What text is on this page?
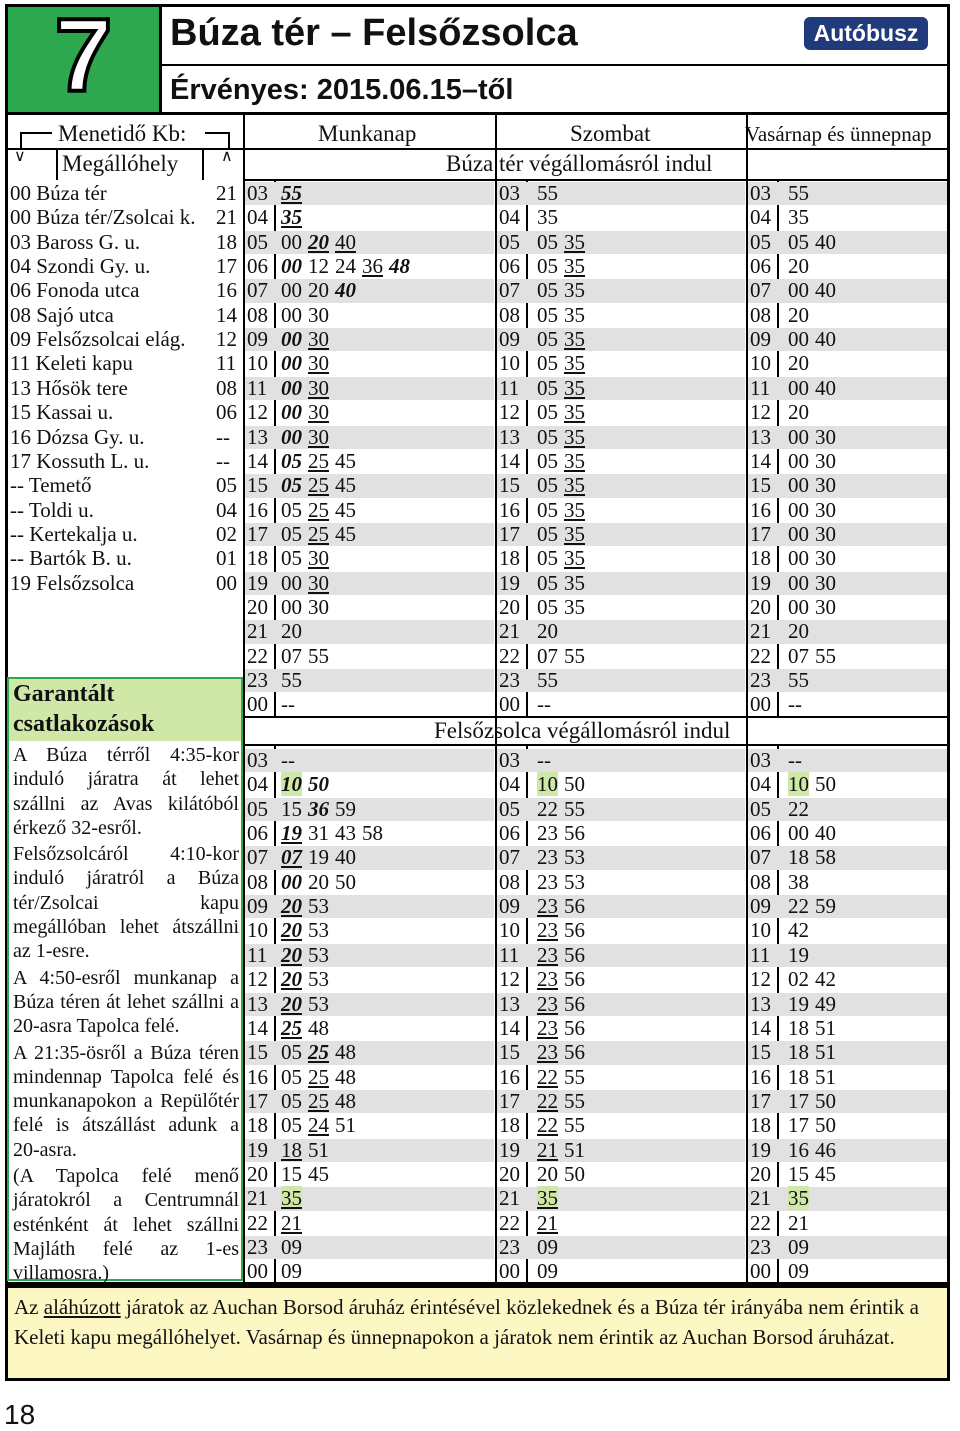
7	Búza tér – Felsőzsolca	Autóbusz
Érvényes: 2015.06.15–től
Menetidő Kb:
∨	∧
Megállóhely
Munkanap	Szombat	Vasárnap és ünnepnap
Búza tér végállomásról indul
Felsőzsolca végállomásról indul
00 Búza tér	21
00 Búza tér/Zsolcai k. 21
03 Baross G. u.	18
04 Szondi Gy. u.	17
06 Fonoda utca	16
08 Sajó utca	14
09 Felsőzsolcai elág. 12
11 Keleti kapu	11
13 Hősök tere	08
15 Kassai u.	06
16 Dózsa Gy. u.	--
17 Kossuth L. u.	--
-- Temető	05
-- Toldi u.	04
-- Kertekalja u.	02
-- Bartók B. u.	01
19 Felsőzsolca	00
03 55	03 55	03 55
04 35	04 35	04 35
05 00 20 40	05 05 35	05 05 40
06 00 12 24 36 48	06 05 35	06 20
07 00 20 40	07 05 35	07 00 40
08 00 30	08 05 35	08 20
09 00 30	09 05 35	09 00 40
10 00 30	10 05 35	10 20
11 00 30	11 05 35	11 00 40
12 00 30	12 05 35	12 20
13 00 30	13 05 35	13 00 30
14 05 25 45	14 05 35	14 00 30
15 05 25 45	15 05 35	15 00 30
16 05 25 45	16 05 35	16 00 30
17 05 25 45	17 05 35	17 00 30
18 05 30	18 05 35	18 00 30
19 00 30	19 05 35	19 00 30
20 00 30	20 05 35	20 00 30
21 20	21 20	21 20
22 07 55	22 07 55	22 07 55
23 55	23 55	23 55
00 --	00 --	00 --
03 --	03 --	03 --
04 10 50	04 10 50	04 10 50
05 15 36 59	05 22 55	05 22
06 19 31 43 58	06 23 56	06 00 40
07 07 19 40	07 23 53	07 18 58
08 00 20 50	08 23 53	08 38
09 20 53	09 23 56	09 22 59
10 20 53	10 23 56	10 42
11 20 53	11 23 56	11 19
12 20 53	12 23 56	12 02 42
13 20 53	13 23 56	13 19 49
14 25 48	14 23 56	14 18 51
15 05 25 48	15 23 56	15 18 51
16 05 25 48	16 22 55	16 18 51
17 05 25 48	17 22 55	17 17 50
18 05 24 51	18 22 55	18 17 50
19 18 51	19 21 51	19 16 46
20 15 45	20 20 50	20 15 45
21 35	21 35	21 35
22 21	22 21	22 21
23 09	23 09	23 09
00 09	00 09	00 09
Garantált csatlakozások

A Búza térről 4:35-kor induló járatra át lehet szállni az Avas kilátóból érkező 32-esről.

Felsőzsolcáról 4:10-kor induló járatról a Búza tér/Zsolcai kapu megállóban lehet átszállni az 1-esre.

A 4:50-esről munkanap a Búza téren át lehet szállni a 20-asra Tapolca felé.

A 21:35-ösről a Búza téren mindennap Tapolca felé és munkanapokon a Repülőtér felé is átszállást adunk a 20-asra.

(A Tapolca felé menő járatokról a Centrumnál esténként át lehet szállni Majláth felé az 1-es villamosra.)

Az aláhúzott járatok az Auchan Borsod áruház érintésével közlekednek és a Búza tér irányába nem érintik a Keleti kapu megállóhelyet. Vasárnap és ünnepnapokon a járatok nem érintik az Auchan Borsod áruházat.
18
